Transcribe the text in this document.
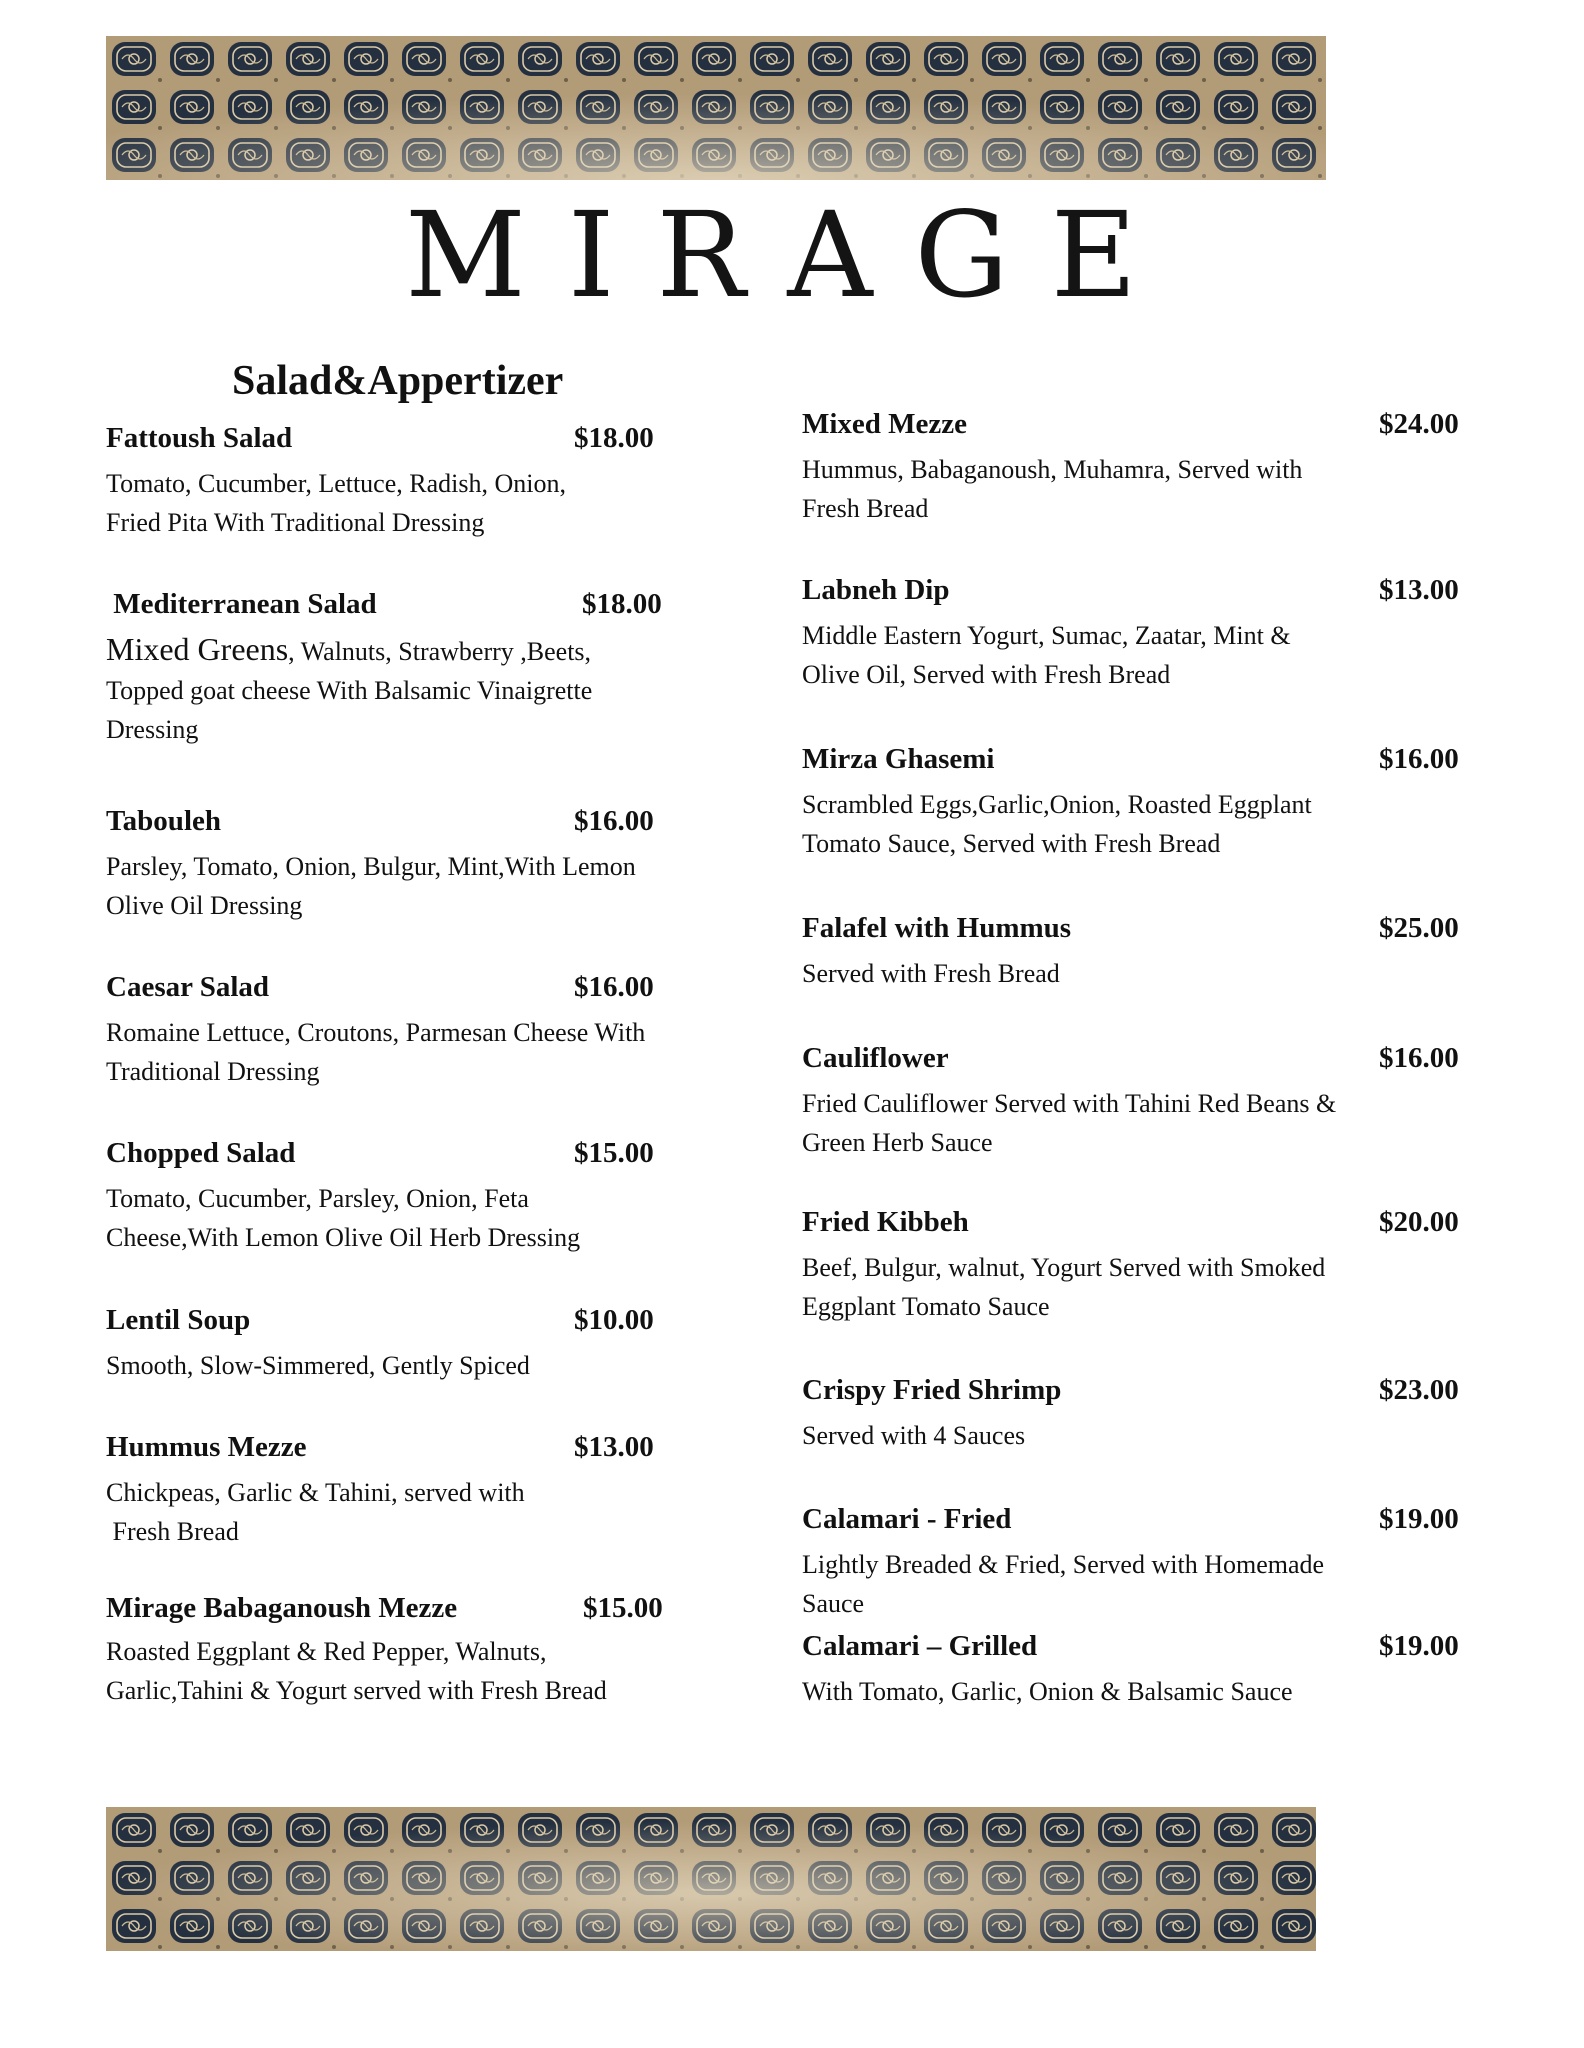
MIRAGE
Salad&Appertizer
Fattoush Salad	$18.00
Tomato, Cucumber, Lettuce, Radish, Onion,
Fried Pita With Traditional Dressing
Mediterranean Salad	$18.00
Mixed Greens, Walnuts, Strawberry ,Beets,
Topped goat cheese With Balsamic Vinaigrette
Dressing
Tabouleh	$16.00
Parsley, Tomato, Onion, Bulgur, Mint,With Lemon
Olive Oil Dressing
Caesar Salad	$16.00
Romaine Lettuce, Croutons, Parmesan Cheese With
Traditional Dressing
Chopped Salad	$15.00
Tomato, Cucumber, Parsley, Onion, Feta
Cheese,With Lemon Olive Oil Herb Dressing
Lentil Soup	$10.00
Smooth, Slow-Simmered, Gently Spiced
Hummus Mezze	$13.00
Chickpeas, Garlic & Tahini, served with
Fresh Bread
Mirage Babaganoush Mezze	$15.00
Roasted Eggplant & Red Pepper, Walnuts,
Garlic,Tahini & Yogurt served with Fresh Bread
Mixed Mezze	$24.00
Hummus, Babaganoush, Muhamra, Served with
Fresh Bread
Labneh Dip	$13.00
Middle Eastern Yogurt, Sumac, Zaatar, Mint &
Olive Oil, Served with Fresh Bread
Mirza Ghasemi	$16.00
Scrambled Eggs,Garlic,Onion, Roasted Eggplant
Tomato Sauce, Served with Fresh Bread
Falafel with Hummus	$25.00
Served with Fresh Bread
Cauliflower	$16.00
Fried Cauliflower Served with Tahini Red Beans &
Green Herb Sauce
Fried Kibbeh	$20.00
Beef, Bulgur, walnut, Yogurt Served with Smoked
Eggplant Tomato Sauce
Crispy Fried Shrimp	$23.00
Served with 4 Sauces
Calamari - Fried	$19.00
Lightly Breaded & Fried, Served with Homemade
Sauce
Calamari – Grilled	$19.00
With Tomato, Garlic, Onion & Balsamic Sauce
